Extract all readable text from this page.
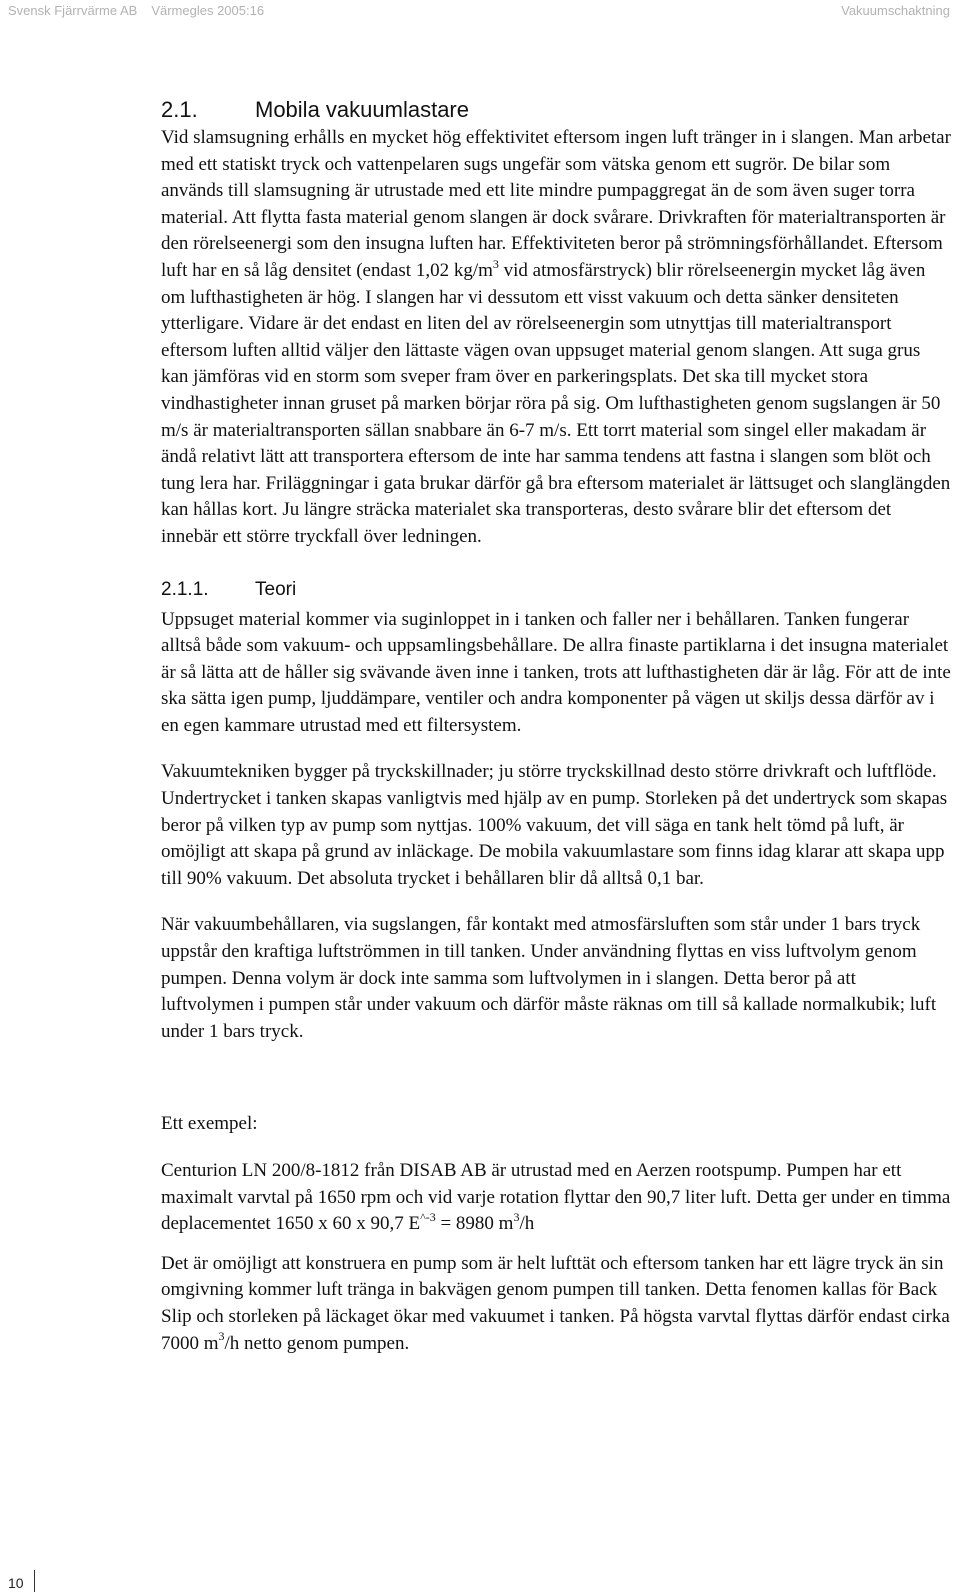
Svensk Fjärrvärme AB Värmegles 2005:16	Vakuumschaktning
2.1.	Mobila vakuumlastare

Vid slamsugning erhålls en mycket hög effektivitet eftersom ingen luft tränger in i slangen. Man arbetar med ett statiskt tryck och vattenpelaren sugs ungefär som vätska genom ett sugrör. De bilar som används till slamsugning är utrustade med ett lite mindre pumpaggregat än de som även suger torra material. Att flytta fasta material genom slangen är dock svårare. Drivkraften för materialtransporten är den rörelseenergi som den insugna luften har. Effektiviteten beror på strömningsförhållandet. Eftersom luft har en så låg densitet (endast 1,02 $kg/m^3$ vid atmosfärstryck) blir rörelseenergin mycket låg även om lufthastigheten är hög. I slangen har vi dessutom ett visst vakuum och detta sänker densiteten ytterligare. Vidare är det endast en liten del av rörelseenergin som utnyttjas till materialtransport eftersom luften alltid väljer den lättaste vägen ovan uppsuget material genom slangen. Att suga grus kan jämföras vid en storm som sveper fram över en parkeringsplats. Det ska till mycket stora vindhastigheter innan gruset på marken börjar röra på sig. Om lufthastigheten genom sugslangen är 50 m/s är materialtransporten sällan snabbare än 6-7 m/s. Ett torrt material som singel eller makadam är ändå relativt lätt att transportera eftersom de inte har samma tendens att fastna i slangen som blöt och tung lera har. Friläggningar i gata brukar därför gå bra eftersom materialet är lättsuget och slanglängden kan hållas kort. Ju längre sträcka materialet ska transporteras, desto svårare blir det eftersom det innebär ett större tryckfall över ledningen.

2.1.1. Teori

Uppsuget material kommer via suginloppet in i tanken och faller ner i behållaren. Tanken fungerar alltså både som vakuum- och uppsamlingsbehållare. De allra finaste partiklarna i det insugna materialet är så lätta att de håller sig svävande även inne i tanken, trots att lufthastigheten där är låg. För att de inte ska sätta igen pump, ljuddämpare, ventiler och andra komponenter på vägen ut skiljs dessa därför av i en egen kammare utrustad med ett filtersystem.

Vakuumtekniken bygger på tryckskillnader; ju större tryckskillnad desto större drivkraft och luftflöde. Undertrycket i tanken skapas vanligtvis med hjälp av en pump. Storleken på det undertryck som skapas beror på vilken typ av pump som nyttjas. 100% vakuum, det vill säga en tank helt tömd på luft, är omöjligt att skapa på grund av inläckage. De mobila vakuumlastare som finns idag klarar att skapa upp till 90% vakuum. Det absoluta trycket i behållaren blir då alltså 0,1 bar.

När vakuumbehållaren, via sugslangen, får kontakt med atmosfärsluften som står under 1 bars tryck uppstår den kraftiga luftströmmen in till tanken. Under användning flyttas en viss luftvolym genom pumpen. Denna volym är dock inte samma som luftvolymen in i slangen. Detta beror på att luftvolymen i pumpen står under vakuum och därför måste räknas om till så kallade normalkubik; luft under 1 bars tryck.

Ett exempel:

Centurion LN 200/8-1812 från DISAB AB är utrustad med en Aerzen rootspump. Pumpen har ett maximalt varvtal på 1650 rpm och vid varje rotation flyttar den 90,7 liter luft. Detta ger under en timma deplacementet 1650 x 60 x 90,7 $E^{\^{}-3} = 8980$ $m^3/h$

Det är omöjligt att konstruera en pump som är helt lufttät och eftersom tanken har ett lägre tryck än sin omgivning kommer luft tränga in bakvägen genom pumpen till tanken. Detta fenomen kallas för Back Slip och storleken på läckaget ökar med vakuumet i tanken. På högsta varvtal flyttas därför endast cirka 7000 $m^3/h$ netto genom pumpen.

10
